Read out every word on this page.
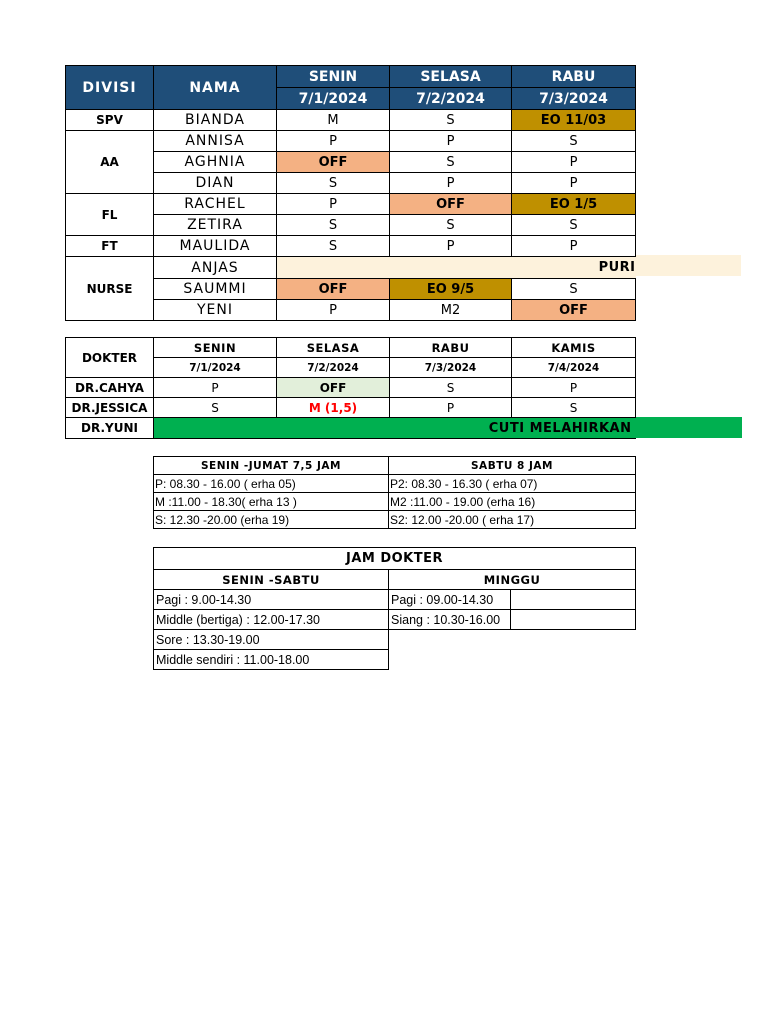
DIVISI	NAMA	SENIN	SELASA	RABU
		7/1/2024	7/2/2024	7/3/2024
SPV	BIANDA	M	S	EO 11/03
AA	ANNISA	P	P	S
	AGHNIA	OFF	S	P
	DIAN	S	P	P
FL	RACHEL	P	OFF	EO 1/5
	ZETIRA	S	S	S
FT	MAULIDA	S	P	P
NURSE	ANJAS	PURI		
	SAUMMI	OFF	EO 9/5	S
	YENI	P	M2	OFF
DOKTER	SENIN	SELASA	RABU	KAMIS
	7/1/2024	7/2/2024	7/3/2024	7/4/2024
DR.CAHYA	P	OFF	S	P
DR.JESSICA	S	M (1,5)	P	S
DR.YUNI	CUTI MELAHIRKAN			
SENIN -JUMAT 7,5 JAM	SABTU 8 JAM
P: 08.30 - 16.00 ( erha 05)	P2: 08.30 - 16.30 ( erha 07)
M :11.00 - 18.30( erha 13 )	M2 :11.00 - 19.00 (erha 16)
S: 12.30 -20.00 (erha 19)	S2: 12.00 -20.00 ( erha 17)
JAM DOKTER		
SENIN -SABTU	MINGGU	
Pagi : 9.00-14.30	Pagi : 09.00-14.30	
Middle (bertiga) : 12.00-17.30	Siang : 10.30-16.00	
Sore : 13.30-19.00		
Middle sendiri : 11.00-18.00		
